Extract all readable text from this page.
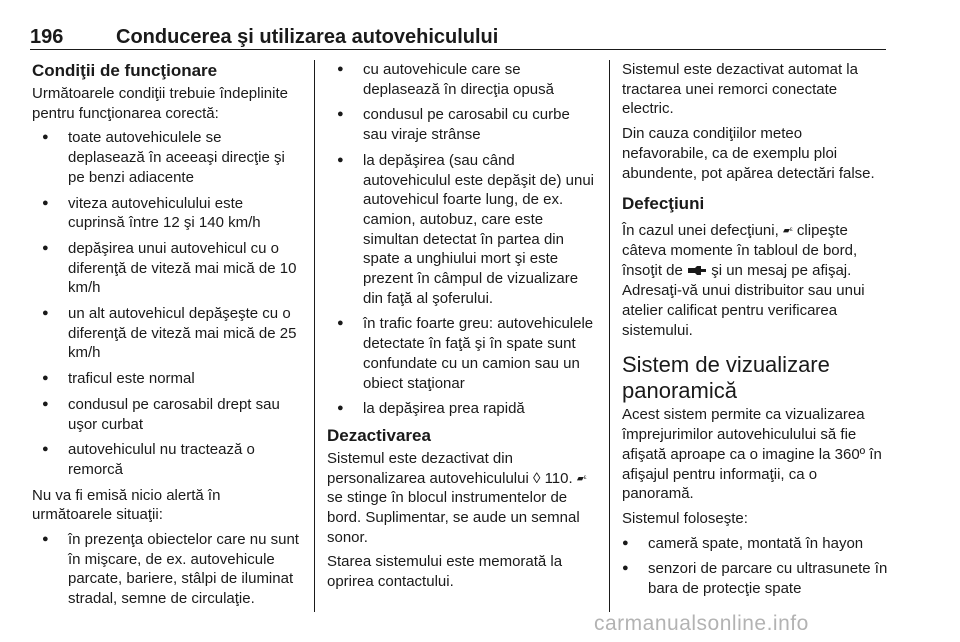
196	Conducerea şi utilizarea autovehiculului
Condiţii de funcţionare

Următoarele condiţii trebuie îndeplinite pentru funcţionarea corectă:

● toate autovehiculele se deplasează în aceeaşi direcţie şi pe benzi adiacente
● viteza autovehiculului este cuprinsă între 12 şi 140 km/h
● depăşirea unui autovehicul cu o diferenţă de viteză mai mică de 10 km/h
● un alt autovehicul depăşeşte cu o diferenţă de viteză mai mică de 25 km/h
● traficul este normal
● condusul pe carosabil drept sau uşor curbat
● autovehiculul nu tractează o remorcă

Nu va fi emisă nicio alertă în următoarele situaţii:

● în prezenţa obiectelor care nu sunt în mişcare, de ex. autovehicule parcate, bariere, stâlpi de iluminat stradal, semne de circulaţie.
● cu autovehicule care se deplasează în direcţia opusă
● condusul pe carosabil cu curbe sau viraje strânse
● la depăşirea (sau când autovehiculul este depăşit de) unui autovehicul foarte lung, de ex. camion, autobuz, care este simultan detectat în partea din spate a unghiului mort şi este prezent în câmpul de vizualizare din faţă al şoferului.
● în trafic foarte greu: autovehiculele detectate în faţă şi în spate sunt confundate cu un camion sau un obiect staţionar
● la depăşirea prea rapidă
Dezactivarea

Sistemul este dezactivat din personalizarea autovehiculului ◊ 110. ▰ᵋ se stinge în blocul instrumentelor de bord. Suplimentar, se aude un semnal sonor.

Starea sistemului este memorată la oprirea contactului.

Sistemul este dezactivat automat la tractarea unei remorci conectate electric.

Din cauza condiţiilor meteo nefavorabile, ca de exemplu ploi abundente, pot apărea detectări false.

Defecţiuni

În cazul unei defecţiuni, ▰ᵋ clipeşte câteva momente în tabloul de bord, însoţit de şi un mesaj pe afişaj. Adresaţi-vă unui distribuitor sau unui atelier calificat pentru verificarea sistemului.

Sistem de vizualizare panoramică

Acest sistem permite ca vizualizarea împrejurimilor autovehiculului să fie afişată aproape ca o imagine la 360º în afişajul pentru informaţii, ca o panoramă.

Sistemul foloseşte:

● cameră spate, montată în hayon
● senzori de parcare cu ultrasunete în bara de protecţie spate
carmanualsonline.info
